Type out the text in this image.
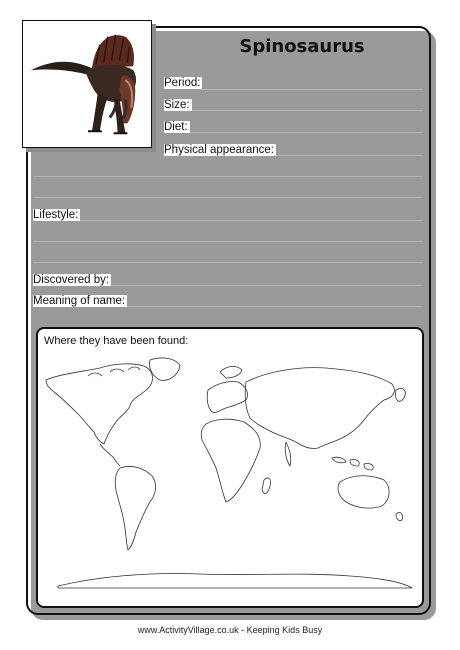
Spinosaurus
Period:
Size:
Diet:
Physical appearance:
Lifestyle:
Discovered by:
Meaning of name:
Where they have been found:
www.ActivityVillage.co.uk - Keeping Kids Busy
